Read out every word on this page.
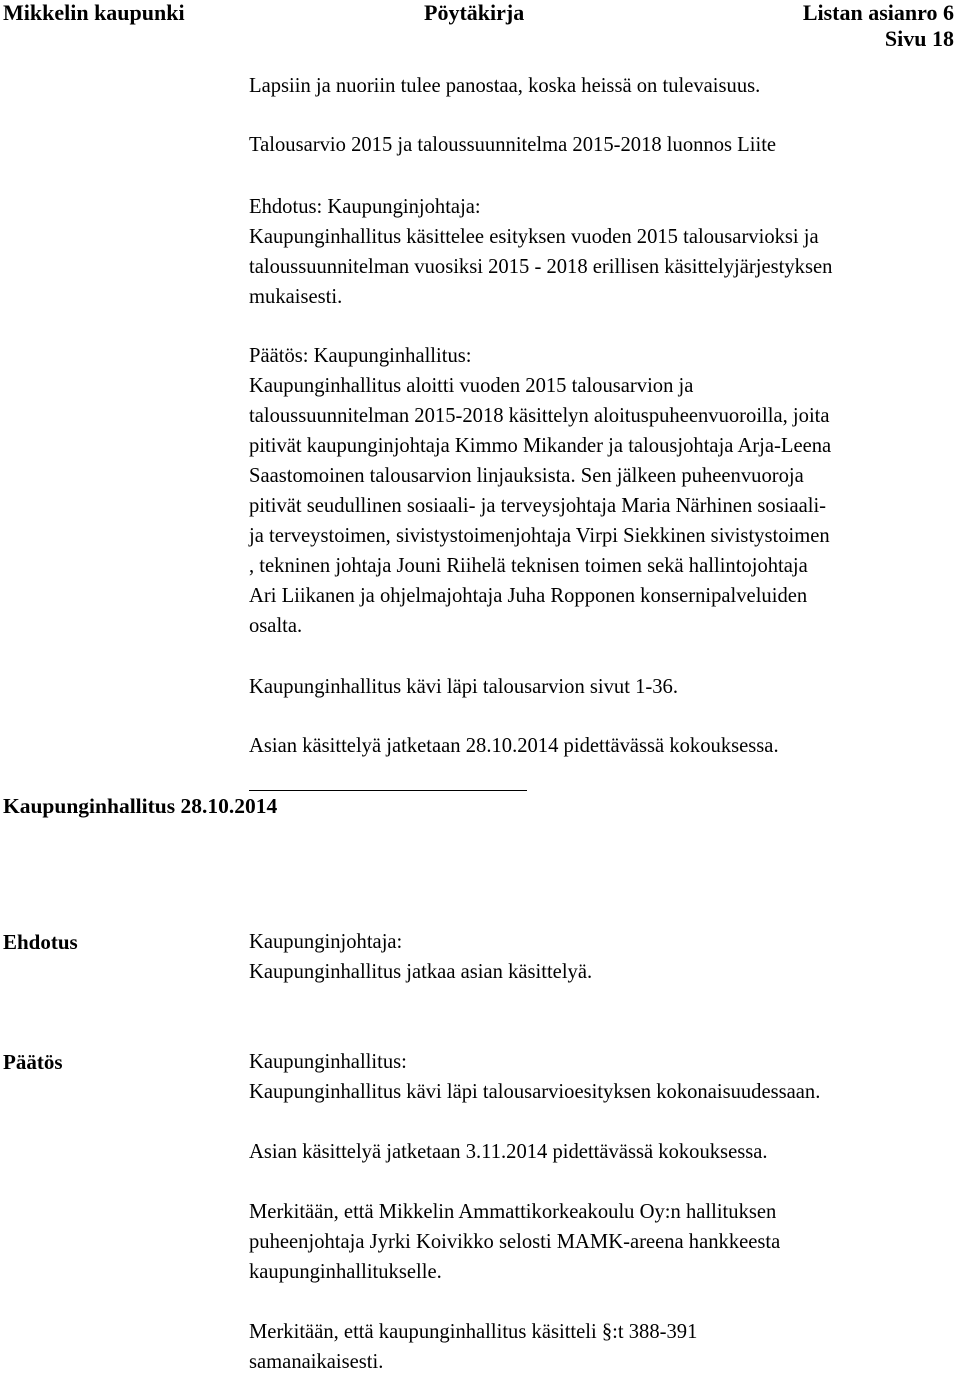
Mikkelin kaupunki	Pöytäkirja	Listan asianro 6
Sivu 18
Lapsiin ja nuoriin tulee panostaa, koska heissä on tulevaisuus.
Talousarvio 2015 ja taloussuunnitelma 2015-2018 luonnos Liite
Ehdotus: Kaupunginjohtaja:
Kaupunginhallitus käsittelee esityksen vuoden 2015 talousarvioksi ja
taloussuunnitelman vuosiksi 2015 - 2018 erillisen käsittelyjärjestyksen
mukaisesti.
Päätös: Kaupunginhallitus:
Kaupunginhallitus aloitti vuoden 2015 talousarvion ja
taloussuunnitelman 2015-2018 käsittelyn aloituspuheenvuoroilla, joita
pitivät kaupunginjohtaja Kimmo Mikander ja talousjohtaja Arja-Leena
Saastomoinen talousarvion linjauksista. Sen jälkeen puheenvuoroja
pitivät seudullinen sosiaali- ja terveysjohtaja Maria Närhinen sosiaali-
ja terveystoimen, sivistystoimenjohtaja Virpi Siekkinen sivistystoimen
, tekninen johtaja Jouni Riihelä teknisen toimen sekä hallintojohtaja
Ari Liikanen ja ohjelmajohtaja Juha Ropponen konsernipalveluiden
osalta.
Kaupunginhallitus kävi läpi talousarvion sivut 1-36.
Asian käsittelyä jatketaan 28.10.2014 pidettävässä kokouksessa.
Kaupunginhallitus 28.10.2014
Ehdotus	Kaupunginjohtaja:
Kaupunginhallitus jatkaa asian käsittelyä.
Päätös	Kaupunginhallitus:
Kaupunginhallitus kävi läpi talousarvioesityksen kokonaisuudessaan.
Asian käsittelyä jatketaan 3.11.2014 pidettävässä kokouksessa.
Merkitään, että Mikkelin Ammattikorkeakoulu Oy:n hallituksen
puheenjohtaja Jyrki Koivikko selosti MAMK-areena hankkeesta
kaupunginhallitukselle.
Merkitään, että kaupunginhallitus käsitteli §:t 388-391
samanaikaisesti.
